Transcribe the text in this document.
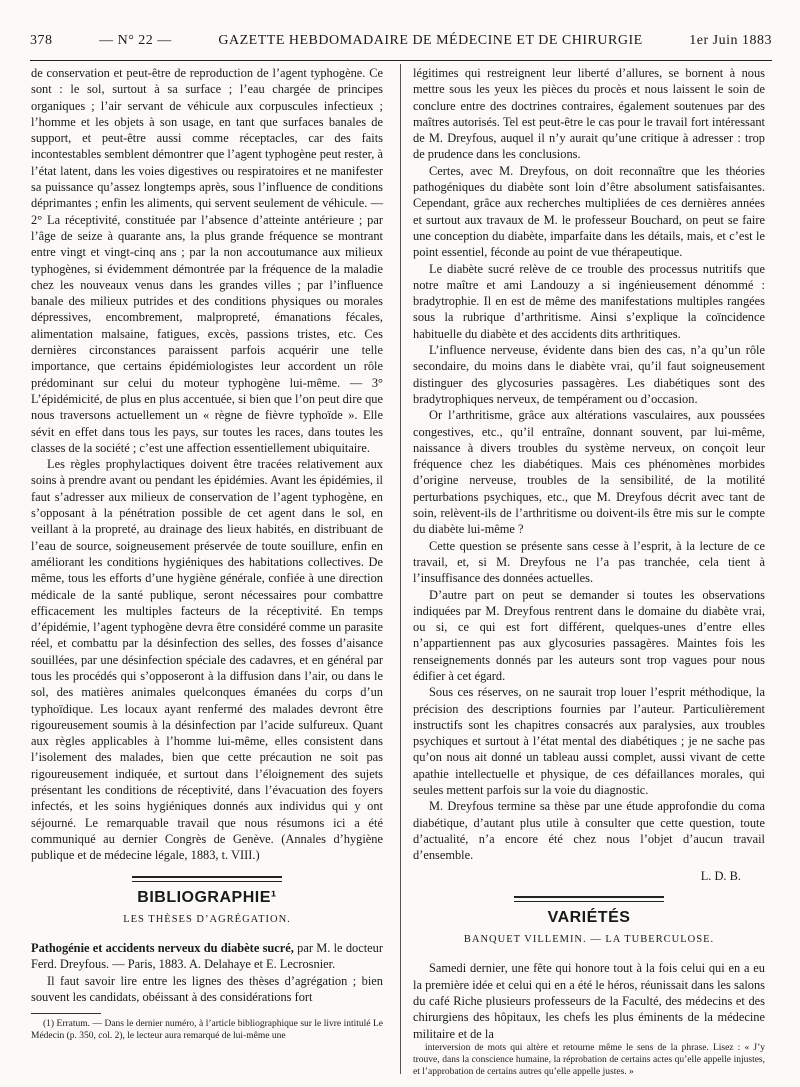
378	— N° 22 —	GAZETTE HEBDOMADAIRE DE MÉDECINE ET DE CHIRURGIE	1er Juin 1883

de conservation et peut-être de reproduction de l’agent typhogène. Ce sont : le sol, surtout à sa surface ; l’eau chargée de principes organiques ; l’air servant de véhicule aux corpuscules infectieux ; l’homme et les objets à son usage, en tant que surfaces banales de support, et peut-être aussi comme réceptacles, car des faits incontestables semblent démontrer que l’agent typhogène peut rester, à l’état latent, dans les voies digestives ou respiratoires et ne manifester sa puissance qu’assez longtemps après, sous l’influence de conditions déprimantes ; enfin les aliments, qui servent seulement de véhicule. — 2° La réceptivité, constituée par l’absence d’atteinte antérieure ; par l’âge de seize à quarante ans, la plus grande fréquence se montrant entre vingt et vingt-cinq ans ; par la non accoutumance aux milieux typhogènes, si évidemment démontrée par la fréquence de la maladie chez les nouveaux venus dans les grandes villes ; par l’influence banale des milieux putrides et des conditions physiques ou morales dépressives, encombrement, malpropreté, émanations fécales, alimentation malsaine, fatigues, excès, passions tristes, etc. Ces dernières circonstances paraissent parfois acquérir une telle importance, que certains épidémiologistes leur accordent un rôle prédominant sur celui du moteur typhogène lui-même. — 3° L’épidémicité, de plus en plus accentuée, si bien que l’on peut dire que nous traversons actuellement un « règne de fièvre typhoïde ». Elle sévit en effet dans tous les pays, sur toutes les races, dans toutes les classes de la société ; c’est une affection essentiellement ubiquitaire.

Les règles prophylactiques doivent être tracées relativement aux soins à prendre avant ou pendant les épidémies. Avant les épidémies, il faut s’adresser aux milieux de conservation de l’agent typhogène, en s’opposant à la pénétration possible de cet agent dans le sol, en veillant à la propreté, au drainage des lieux habités, en distribuant de l’eau de source, soigneusement préservée de toute souillure, enfin en améliorant les conditions hygiéniques des habitations collectives. De même, tous les efforts d’une hygiène générale, confiée à une direction médicale de la santé publique, seront nécessaires pour combattre efficacement les multiples facteurs de la réceptivité. En temps d’épidémie, l’agent typhogène devra être considéré comme un parasite réel, et combattu par la désinfection des selles, des fosses d’aisance souillées, par une désinfection spéciale des cadavres, et en général par tous les procédés qui s’opposeront à la diffusion dans l’air, ou dans le sol, des matières animales quelconques émanées du corps d’un typhoïdique. Les locaux ayant renfermé des malades devront être rigoureusement soumis à la désinfection par l’acide sulfureux. Quant aux règles applicables à l’homme lui-même, elles consistent dans l’isolement des malades, bien que cette précaution ne soit pas rigoureusement indiquée, et surtout dans l’éloignement des sujets présentant les conditions de réceptivité, dans l’évacuation des foyers infectés, et les soins hygiéniques donnés aux individus qui y ont séjourné. Le remarquable travail que nous résumons ici a été communiqué au dernier Congrès de Genève. (Annales d’hygiène publique et de médecine légale, 1883, t. VIII.)

BIBLIOGRAPHIE¹
LES THÈSES D’AGRÉGATION.

Pathogénie et accidents nerveux du diabète sucré, par M. le docteur Ferd. Dreyfous. — Paris, 1883. A. Delahaye et E. Lecrosnier.

Il faut savoir lire entre les lignes des thèses d’agrégation ; bien souvent les candidats, obéissant à des considérations fort

(1) Erratum. — Dans le dernier numéro, à l’article bibliographique sur le livre intitulé Le Médecin (p. 350, col. 2), le lecteur aura remarqué de lui-même une

légitimes qui restreignent leur liberté d’allures, se bornent à nous mettre sous les yeux les pièces du procès et nous laissent le soin de conclure entre des doctrines contraires, également soutenues par des maîtres autorisés. Tel est peut-être le cas pour le travail fort intéressant de M. Dreyfous, auquel il n’y aurait qu’une critique à adresser : trop de prudence dans les conclusions.

Certes, avec M. Dreyfous, on doit reconnaître que les théories pathogéniques du diabète sont loin d’être absolument satisfaisantes. Cependant, grâce aux recherches multipliées de ces dernières années et surtout aux travaux de M. le professeur Bouchard, on peut se faire une conception du diabète, imparfaite dans les détails, mais, et c’est le point essentiel, féconde au point de vue thérapeutique.

Le diabète sucré relève de ce trouble des processus nutritifs que notre maître et ami Landouzy a si ingénieusement dénommé : bradytrophie. Il en est de même des manifestations multiples rangées sous la rubrique d’arthritisme. Ainsi s’explique la coïncidence habituelle du diabète et des accidents dits arthritiques.

L’influence nerveuse, évidente dans bien des cas, n’a qu’un rôle secondaire, du moins dans le diabète vrai, qu’il faut soigneusement distinguer des glycosuries passagères. Les diabétiques sont des bradytrophiques nerveux, de tempérament ou d’occasion.

Or l’arthritisme, grâce aux altérations vasculaires, aux poussées congestives, etc., qu’il entraîne, donnant souvent, par lui-même, naissance à divers troubles du système nerveux, on conçoit leur fréquence chez les diabétiques. Mais ces phénomènes morbides d’origine nerveuse, troubles de la sensibilité, de la motilité perturbations psychiques, etc., que M. Dreyfous décrit avec tant de soin, relèvent-ils de l’arthritisme ou doivent-ils être mis sur le compte du diabète lui-même ?

Cette question se présente sans cesse à l’esprit, à la lecture de ce travail, et, si M. Dreyfous ne l’a pas tranchée, cela tient à l’insuffisance des données actuelles.

D’autre part on peut se demander si toutes les observations indiquées par M. Dreyfous rentrent dans le domaine du diabète vrai, ou si, ce qui est fort différent, quelques-unes d’entre elles n’appartiennent pas aux glycosuries passagères. Maintes fois les renseignements donnés par les auteurs sont trop vagues pour nous édifier à cet égard.

Sous ces réserves, on ne saurait trop louer l’esprit méthodique, la précision des descriptions fournies par l’auteur. Particulièrement instructifs sont les chapitres consacrés aux paralysies, aux troubles psychiques et surtout à l’état mental des diabétiques ; je ne sache pas qu’on nous ait donné un tableau aussi complet, aussi vivant de cette apathie intellectuelle et physique, de ces défaillances morales, qui seules mettent parfois sur la voie du diagnostic.

M. Dreyfous termine sa thèse par une étude approfondie du coma diabétique, d’autant plus utile à consulter que cette question, toute d’actualité, n’a encore été chez nous l’objet d’aucun travail d’ensemble.

L. D. B.

VARIÉTÉS
BANQUET VILLEMIN. — LA TUBERCULOSE.

Samedi dernier, une fête qui honore tout à la fois celui qui en a eu la première idée et celui qui en a été le héros, réunissait dans les salons du café Riche plusieurs professeurs de la Faculté, des médecins et des chirurgiens des hôpitaux, les chefs les plus éminents de la médecine militaire et de la

interversion de mots qui altère et retourne même le sens de la phrase. Lisez : « J’y trouve, dans la conscience humaine, la réprobation de certains actes qu’elle appelle injustes, et l’approbation de certains autres qu’elle appelle justes. »
